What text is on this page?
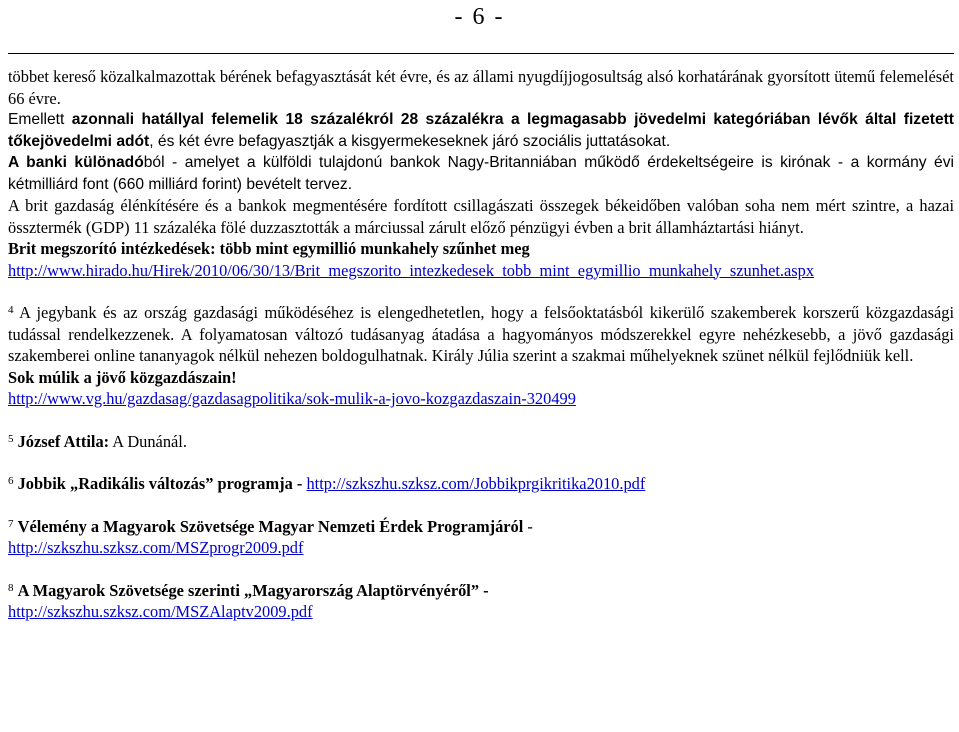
- 6 -

többet kereső közalkalmazottak bérének befagyasztását két évre, és az állami nyugdíjjogosultság alsó korhatárának gyorsított ütemű felemelését 66 évre.

Emellett azonnali hatállyal felemelik 18 százalékról 28 százalékra a legmagasabb jövedelmi kategóriában lévők által fizetett tőkejövedelmi adót, és két évre befagyasztják a kisgyermekeseknek járó szociális juttatásokat.

A banki különadóból - amelyet a külföldi tulajdonú bankok Nagy-Britanniában működő érdekeltségeire is kirónak - a kormány évi kétmilliárd font (660 milliárd forint) bevételt tervez.

A brit gazdaság élénkítésére és a bankok megmentésére fordított csillagászati összegek békeidőben valóban soha nem mért szintre, a hazai össztermék (GDP) 11 százaléka fölé duzzasztották a márciussal zárult előző pénzügyi évben a brit államháztartási hiányt.

Brit megszorító intézkedések: több mint egymillió munkahely szűnhet meg

http://www.hirado.hu/Hirek/2010/06/30/13/Brit_megszorito_intezkedesek_tobb_mint_egymillio_munkahely_szunhet.aspx

$^4$ A jegybank és az ország gazdasági működéséhez is elengedhetetlen, hogy a felsőoktatásból kikerülő szakemberek korszerű közgazdasági tudással rendelkezzenek. A folyamatosan változó tudásanyag átadása a hagyományos módszerekkel egyre nehézkesebb, a jövő gazdasági szakemberei online tananyagok nélkül nehezen boldogulhatnak. Király Júlia szerint a szakmai műhelyeknek szünet nélkül fejlődniük kell.

Sok múlik a jövő közgazdászain!

http://www.vg.hu/gazdasag/gazdasagpolitika/sok-mulik-a-jovo-kozgazdaszain-320499

$^5$ József Attila: A Dunánál.

$^6$ Jobbik „Radikális változás” programja - http://szkszhu.szksz.com/Jobbikprgikritika2010.pdf

$^7$ Vélemény a Magyarok Szövetsége Magyar Nemzeti Érdek Programjáról -

http://szkszhu.szksz.com/MSZprogr2009.pdf

$^8$ A Magyarok Szövetsége szerinti „Magyarország Alaptörvényéről” -

http://szkszhu.szksz.com/MSZAlaptv2009.pdf
